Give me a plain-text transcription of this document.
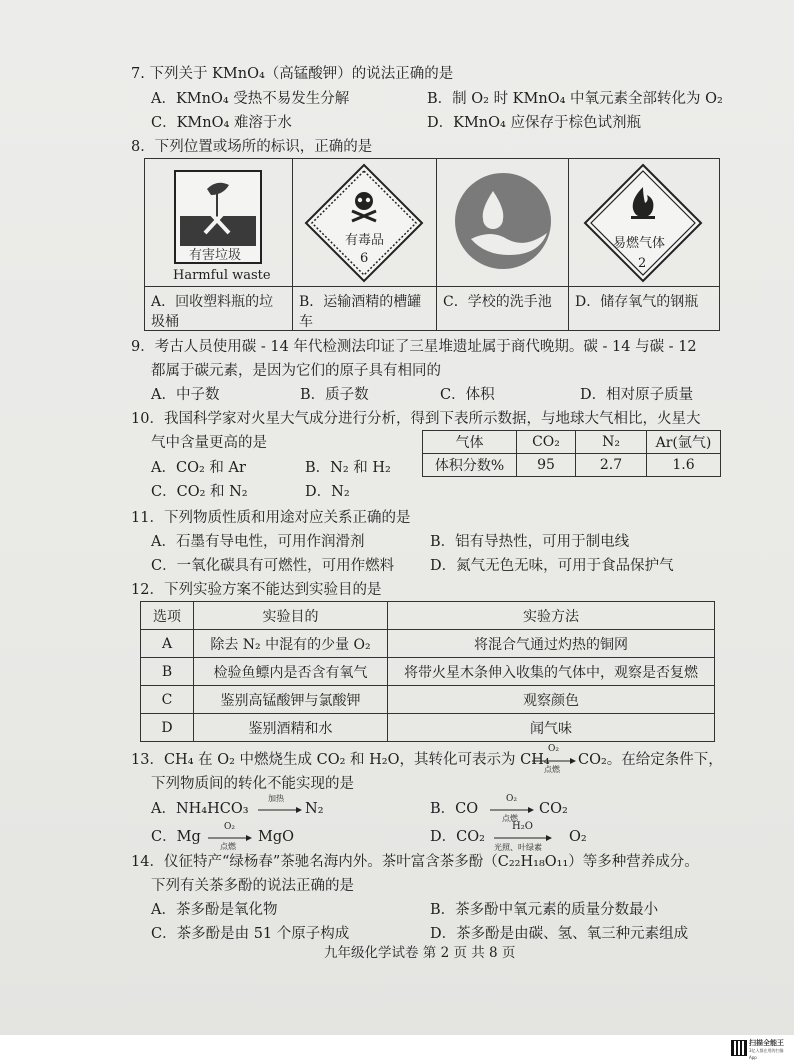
7. 下列关于 KMnO₄（高锰酸钾）的说法正确的是
A．KMnO₄ 受热不易发生分解	B．制 O₂ 时 KMnO₄ 中氧元素全部转化为 O₂
C．KMnO₄ 难溶于水	D．KMnO₄ 应保存于棕色试剂瓶
8．下列位置或场所的标识，正确的是
有害垃圾
Harmful waste
A．回收塑料瓶的垃圾桶
有毒品
6
B．运输酒精的槽罐车
C．学校的洗手池
易燃气体
2
D．储存氧气的钢瓶
9．考古人员使用碳 - 14 年代检测法印证了三星堆遗址属于商代晚期。碳 - 14 与碳 - 12
都属于碳元素，是因为它们的原子具有相同的
A．中子数	B．质子数	C．体积	D．相对原子质量
10．我国科学家对火星大气成分进行分析，得到下表所示数据，与地球大气相比，火星大
气中含量更高的是
A．CO₂ 和 Ar	B．N₂ 和 H₂
C．CO₂ 和 N₂	D．N₂
气体	CO₂	N₂	Ar(氩气)
体积分数%	95	2.7	1.6
11．下列物质性质和用途对应关系正确的是
A．石墨有导电性，可用作润滑剂	B．铝有导热性，可用于制电线
C．一氧化碳具有可燃性，可用作燃料 D．氮气无色无味，可用于食品保护气
12．下列实验方案不能达到实验目的是
选项	实验目的	实验方法
A	除去 N₂ 中混有的少量 O₂	将混合气通过灼热的铜网
B	检验鱼鳔内是否含有氧气	将带火星木条伸入收集的气体中，观察是否复燃
C	鉴别高锰酸钾与氯酸钾	观察颜色
D	鉴别酒精和水	闻气味
13．CH₄ 在 O₂ 中燃烧生成 CO₂ 和 H₂O，其转化可表示为 CH₄
O₂
点燃
CO₂。在给定条件下，
下列物质间的转化不能实现的是
A．NH₄HCO₃
加热
→ N₂	B．CO
O₂
点燃
CO₂
C．Mg
O₂
点燃
MgO	D．CO₂
H₂O
光照、叶绿素
O₂
14．仪征特产“绿杨春”茶驰名海内外。茶叶富含茶多酚（C₂₂H₁₈O₁₁）等多种营养成分。
下列有关茶多酚的说法正确的是
A．茶多酚是氧化物	B．茶多酚中氧元素的质量分数最小
C．茶多酚是由 51 个原子构成	D．茶多酚是由碳、氢、氧三种元素组成
九年级化学试卷 第 2 页 共 8 页
扫描全能王
3亿人都在用的扫描App
